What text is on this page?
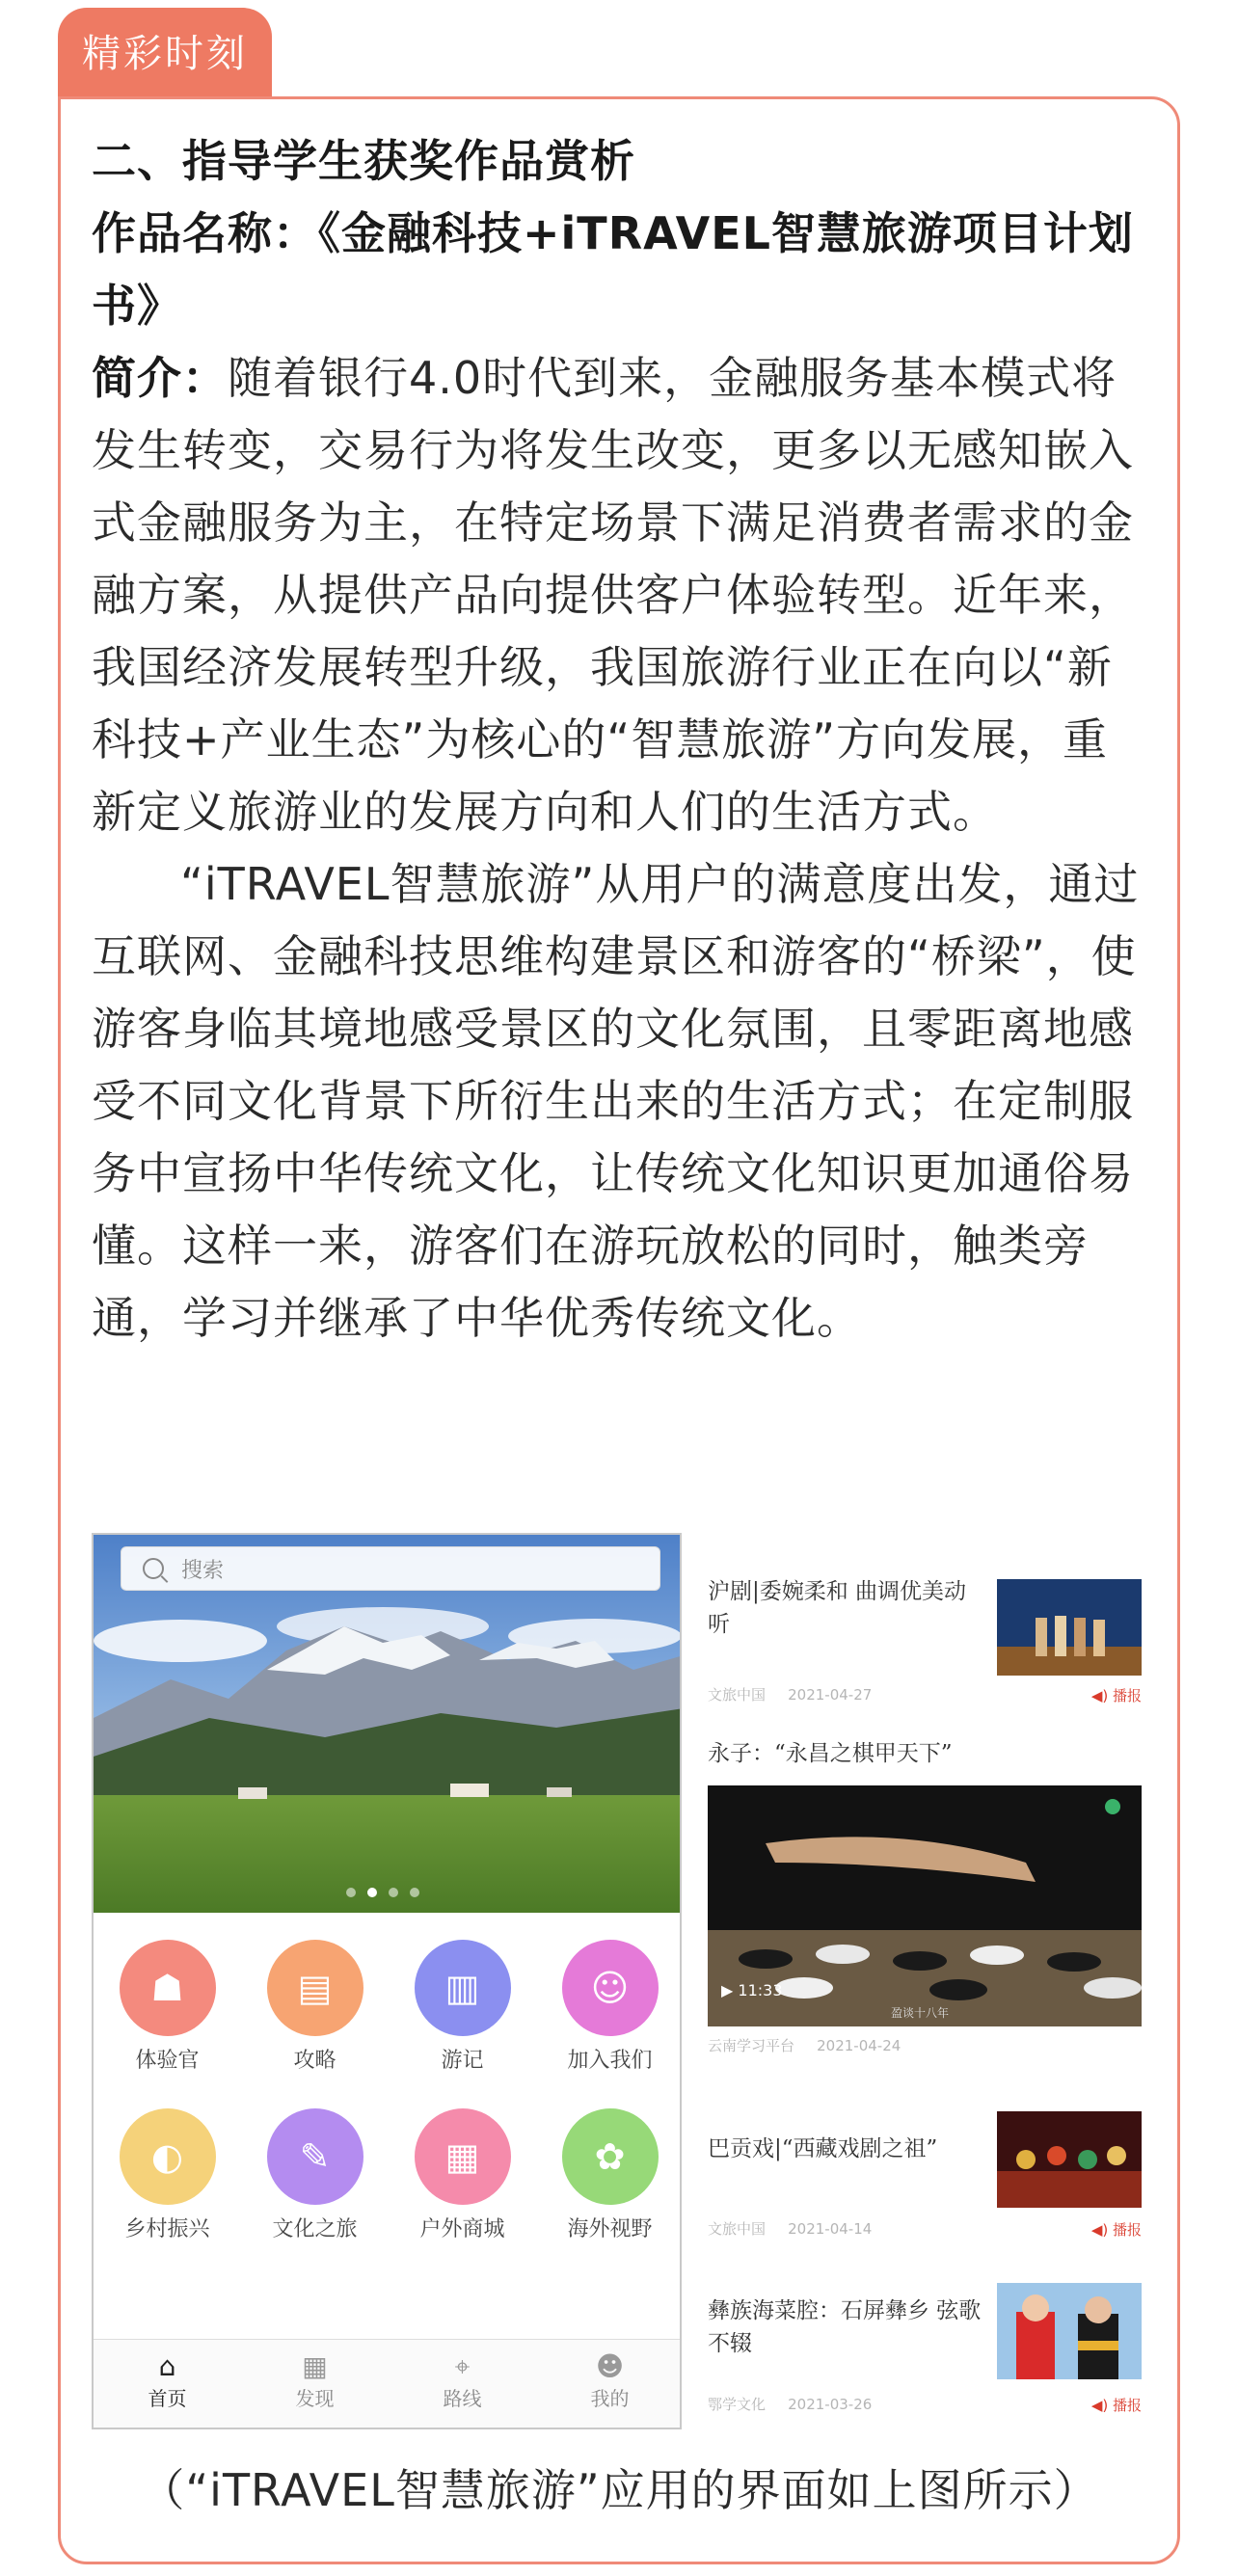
精彩时刻

二、指导学生获奖作品赏析

作品名称：《金融科技+iTRAVEL智慧旅游项目计划书》

简介：随着银行4.0时代到来，金融服务基本模式将发生转变，交易行为将发生改变，更多以无感知嵌入式金融服务为主，在特定场景下满足消费者需求的金融方案，从提供产品向提供客户体验转型。近年来，我国经济发展转型升级，我国旅游行业正在向以“新科技+产业生态”为核心的“智慧旅游”方向发展，重新定义旅游业的发展方向和人们的生活方式。

“iTRAVEL智慧旅游”从用户的满意度出发，通过互联网、金融科技思维构建景区和游客的“桥梁”，使游客身临其境地感受景区的文化氛围，且零距离地感受不同文化背景下所衍生出来的生活方式；在定制服务中宣扬中华传统文化，让传统文化知识更加通俗易懂。这样一来，游客们在游玩放松的同时，触类旁通，学习并继承了中华优秀传统文化。

搜索
☗
体验官
▤
攻略
▥
游记
☺
加入我们
◐
乡村振兴
✎
文化之旅
▦
户外商城
✿
海外视野
⌂
首页
▦
发现
⌖
路线
☻
我的
沪剧|委婉柔和 曲调优美动听
文旅中国 2021-04-27	◀) 播报
永子：“永昌之棋甲天下”
▶ 11:33
盈谈十八年
云南学习平台 2021-04-24
巴贡戏|“西藏戏剧之祖”
文旅中国 2021-04-14	◀) 播报
彝族海菜腔：石屏彝乡 弦歌不辍
鄂学文化 2021-03-26	◀) 播报
（“iTRAVEL智慧旅游”应用的界面如上图所示）
